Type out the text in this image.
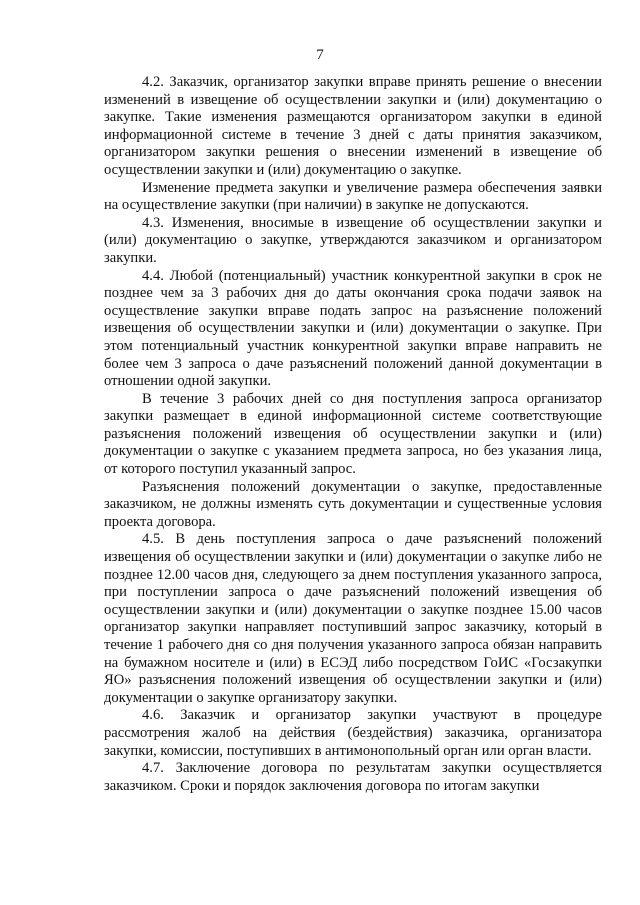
7

4.2. Заказчик, организатор закупки вправе принять решение о внесении изменений в извещение об осуществлении закупки и (или) документацию о закупке. Такие изменения размещаются организатором закупки в единой информационной системе в течение 3 дней с даты принятия заказчиком, организатором закупки решения о внесении изменений в извещение об осуществлении закупки и (или) документацию о закупке.

Изменение предмета закупки и увеличение размера обеспечения заявки на осуществление закупки (при наличии) в закупке не допускаются.

4.3. Изменения, вносимые в извещение об осуществлении закупки и (или) документацию о закупке, утверждаются заказчиком и организатором закупки.

4.4. Любой (потенциальный) участник конкурентной закупки в срок не позднее чем за 3 рабочих дня до даты окончания срока подачи заявок на осуществление закупки вправе подать запрос на разъяснение положений извещения об осуществлении закупки и (или) документации о закупке. При этом потенциальный участник конкурентной закупки вправе направить не более чем 3 запроса о даче разъяснений положений данной документации в отношении одной закупки.

В течение 3 рабочих дней со дня поступления запроса организатор закупки размещает в единой информационной системе соответствующие разъяснения положений извещения об осуществлении закупки и (или) документации о закупке с указанием предмета запроса, но без указания лица, от которого поступил указанный запрос.

Разъяснения положений документации о закупке, предоставленные заказчиком, не должны изменять суть документации и существенные условия проекта договора.

4.5. В день поступления запроса о даче разъяснений положений извещения об осуществлении закупки и (или) документации о закупке либо не позднее 12.00 часов дня, следующего за днем поступления указанного запроса, при поступлении запроса о даче разъяснений положений извещения об осуществлении закупки и (или) документации о закупке позднее 15.00 часов организатор закупки направляет поступивший запрос заказчику, который в течение 1 рабочего дня со дня получения указанного запроса обязан направить на бумажном носителе и (или) в ЕСЭД либо посредством ГоИС «Госзакупки ЯО» разъяснения положений извещения об осуществлении закупки и (или) документации о закупке организатору закупки.

4.6. Заказчик и организатор закупки участвуют в процедуре рассмотрения жалоб на действия (бездействия) заказчика, организатора закупки, комиссии, поступивших в антимонопольный орган или орган власти.

4.7. Заключение договора по результатам закупки осуществляется заказчиком. Сроки и порядок заключения договора по итогам закупки
